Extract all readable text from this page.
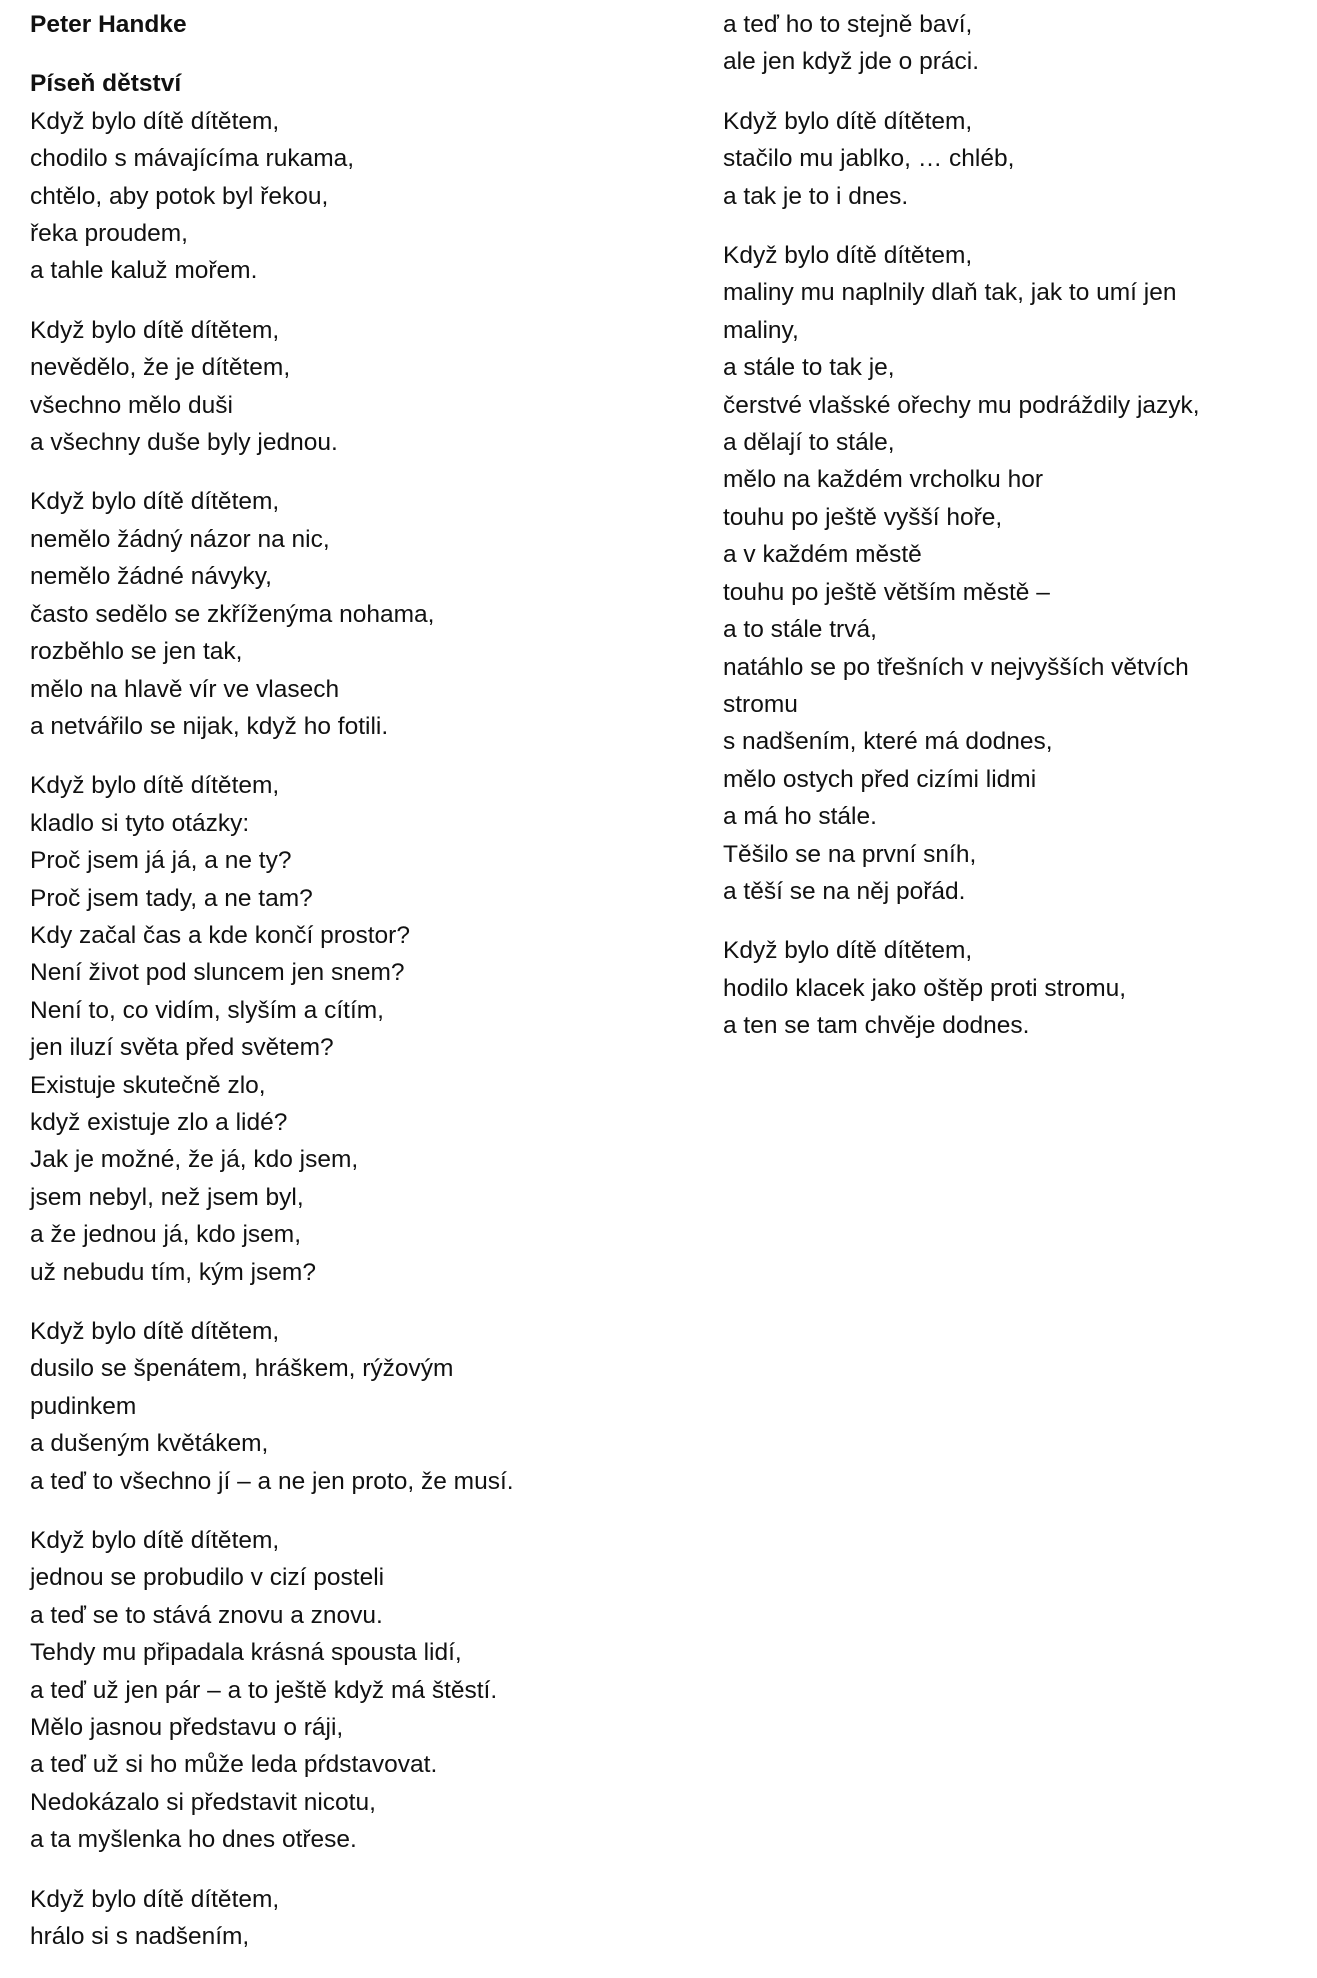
Peter Handke
Píseň dětství
Když bylo dítě dítětem,
chodilo s mávajícíma rukama,
chtělo, aby potok byl řekou,
řeka proudem,
a tahle kaluž mořem.
Když bylo dítě dítětem,
nevědělo, že je dítětem,
všechno mělo duši
a všechny duše byly jednou.
Když bylo dítě dítětem,
nemělo žádný názor na nic,
nemělo žádné návyky,
často sedělo se zkříženýma nohama,
rozběhlo se jen tak,
mělo na hlavě vír ve vlasech
a netvářilo se nijak, když ho fotili.
Když bylo dítě dítětem,
kladlo si tyto otázky:
Proč jsem já já, a ne ty?
Proč jsem tady, a ne tam?
Kdy začal čas a kde končí prostor?
Není život pod sluncem jen snem?
Není to, co vidím, slyším a cítím,
jen iluzí světa před světem?
Existuje skutečně zlo,
když existuje zlo a lidé?
Jak je možné, že já, kdo jsem,
jsem nebyl, než jsem byl,
a že jednou já, kdo jsem,
už nebudu tím, kým jsem?
Když bylo dítě dítětem,
dusilo se špenátem, hráškem, rýžovým
pudinkem
a dušeným květákem,
a teď to všechno jí – a ne jen proto, že musí.
Když bylo dítě dítětem,
jednou se probudilo v cizí posteli
a teď se to stává znovu a znovu.
Tehdy mu připadala krásná spousta lidí,
a teď už jen pár – a to ještě když má štěstí.
Mělo jasnou představu o ráji,
a teď už si ho může leda pŕdstavovat.
Nedokázalo si představit nicotu,
a ta myšlenka ho dnes otřese.
Když bylo dítě dítětem,
hrálo si s nadšením,
a teď ho to stejně baví,
ale jen když jde o práci.
Když bylo dítě dítětem,
stačilo mu jablko, … chléb,
a tak je to i dnes.
Když bylo dítě dítětem,
maliny mu naplnily dlaň tak, jak to umí jen
maliny,
a stále to tak je,
čerstvé vlašské ořechy mu podráždily jazyk,
a dělají to stále,
mělo na každém vrcholku hor
touhu po ještě vyšší hoře,
a v každém městě
touhu po ještě větším městě –
a to stále trvá,
natáhlo se po třešních v nejvyšších větvích
stromu
s nadšením, které má dodnes,
mělo ostych před cizími lidmi
a má ho stále.
Těšilo se na první sníh,
a těší se na něj pořád.
Když bylo dítě dítětem,
hodilo klacek jako oštěp proti stromu,
a ten se tam chvěje dodnes.
